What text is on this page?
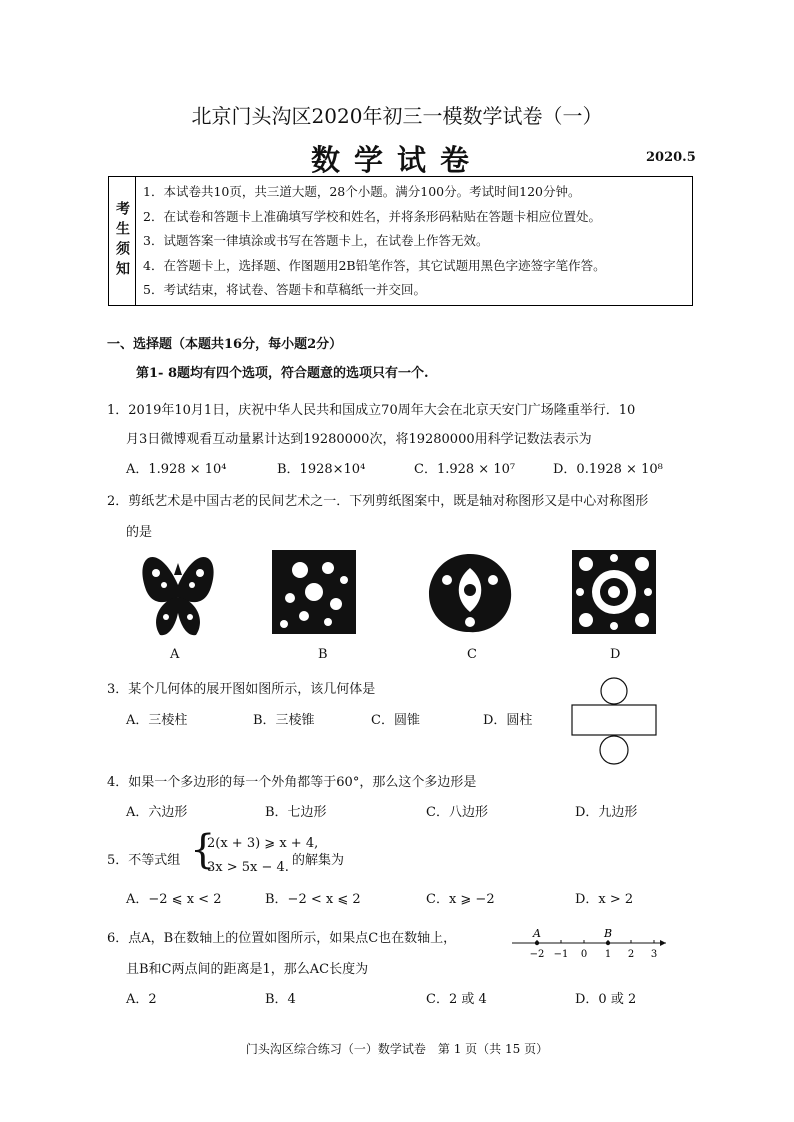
北京门头沟区2020年初三一模数学试卷（一）
数学试卷	2020.5
考生须知
1．本试卷共10页，共三道大题，28个小题。满分100分。考试时间120分钟。
2．在试卷和答题卡上准确填写学校和姓名，并将条形码粘贴在答题卡相应位置处。
3．试题答案一律填涂或书写在答题卡上，在试卷上作答无效。
4．在答题卡上，选择题、作图题用2B铅笔作答，其它试题用黑色字迹签字笔作答。
5．考试结束，将试卷、答题卡和草稿纸一并交回。
一、选择题（本题共16分，每小题2分）
第1- 8题均有四个选项，符合题意的选项只有一个.
1．2019年10月1日，庆祝中华人民共和国成立70周年大会在北京天安门广场隆重举行．10
月3日微博观看互动量累计达到19280000次，将19280000用科学记数法表示为
A．1.928 × 10⁴	B．1928×10⁴	C．1.928 × 10⁷	D．0.1928 × 10⁸
2．剪纸艺术是中国古老的民间艺术之一．下列剪纸图案中，既是轴对称图形又是中心对称图形
的是
A	B	C	D
3．某个几何体的展开图如图所示，该几何体是
A．三棱柱	B．三棱锥	C．圆锥	D．圆柱
4．如果一个多边形的每一个外角都等于60°，那么这个多边形是
A．六边形	B．七边形	C．八边形	D．九边形
5．不等式组 {
2(x + 3) ⩾ x + 4,
3x > 5x − 4. 的解集为
A．−2 ⩽ x < 2	B．−2 < x ⩽ 2	C．x ⩾ −2	D．x > 2
6．点A，B在数轴上的位置如图所示，如果点C也在数轴上，
且B和C两点间的距离是1，那么AC长度为
A	B
−2 −1 0 1 2 3
A．2	B．4	C．2 或 4	D．0 或 2
门头沟区综合练习（一）数学试卷　第 1 页（共 15 页）
